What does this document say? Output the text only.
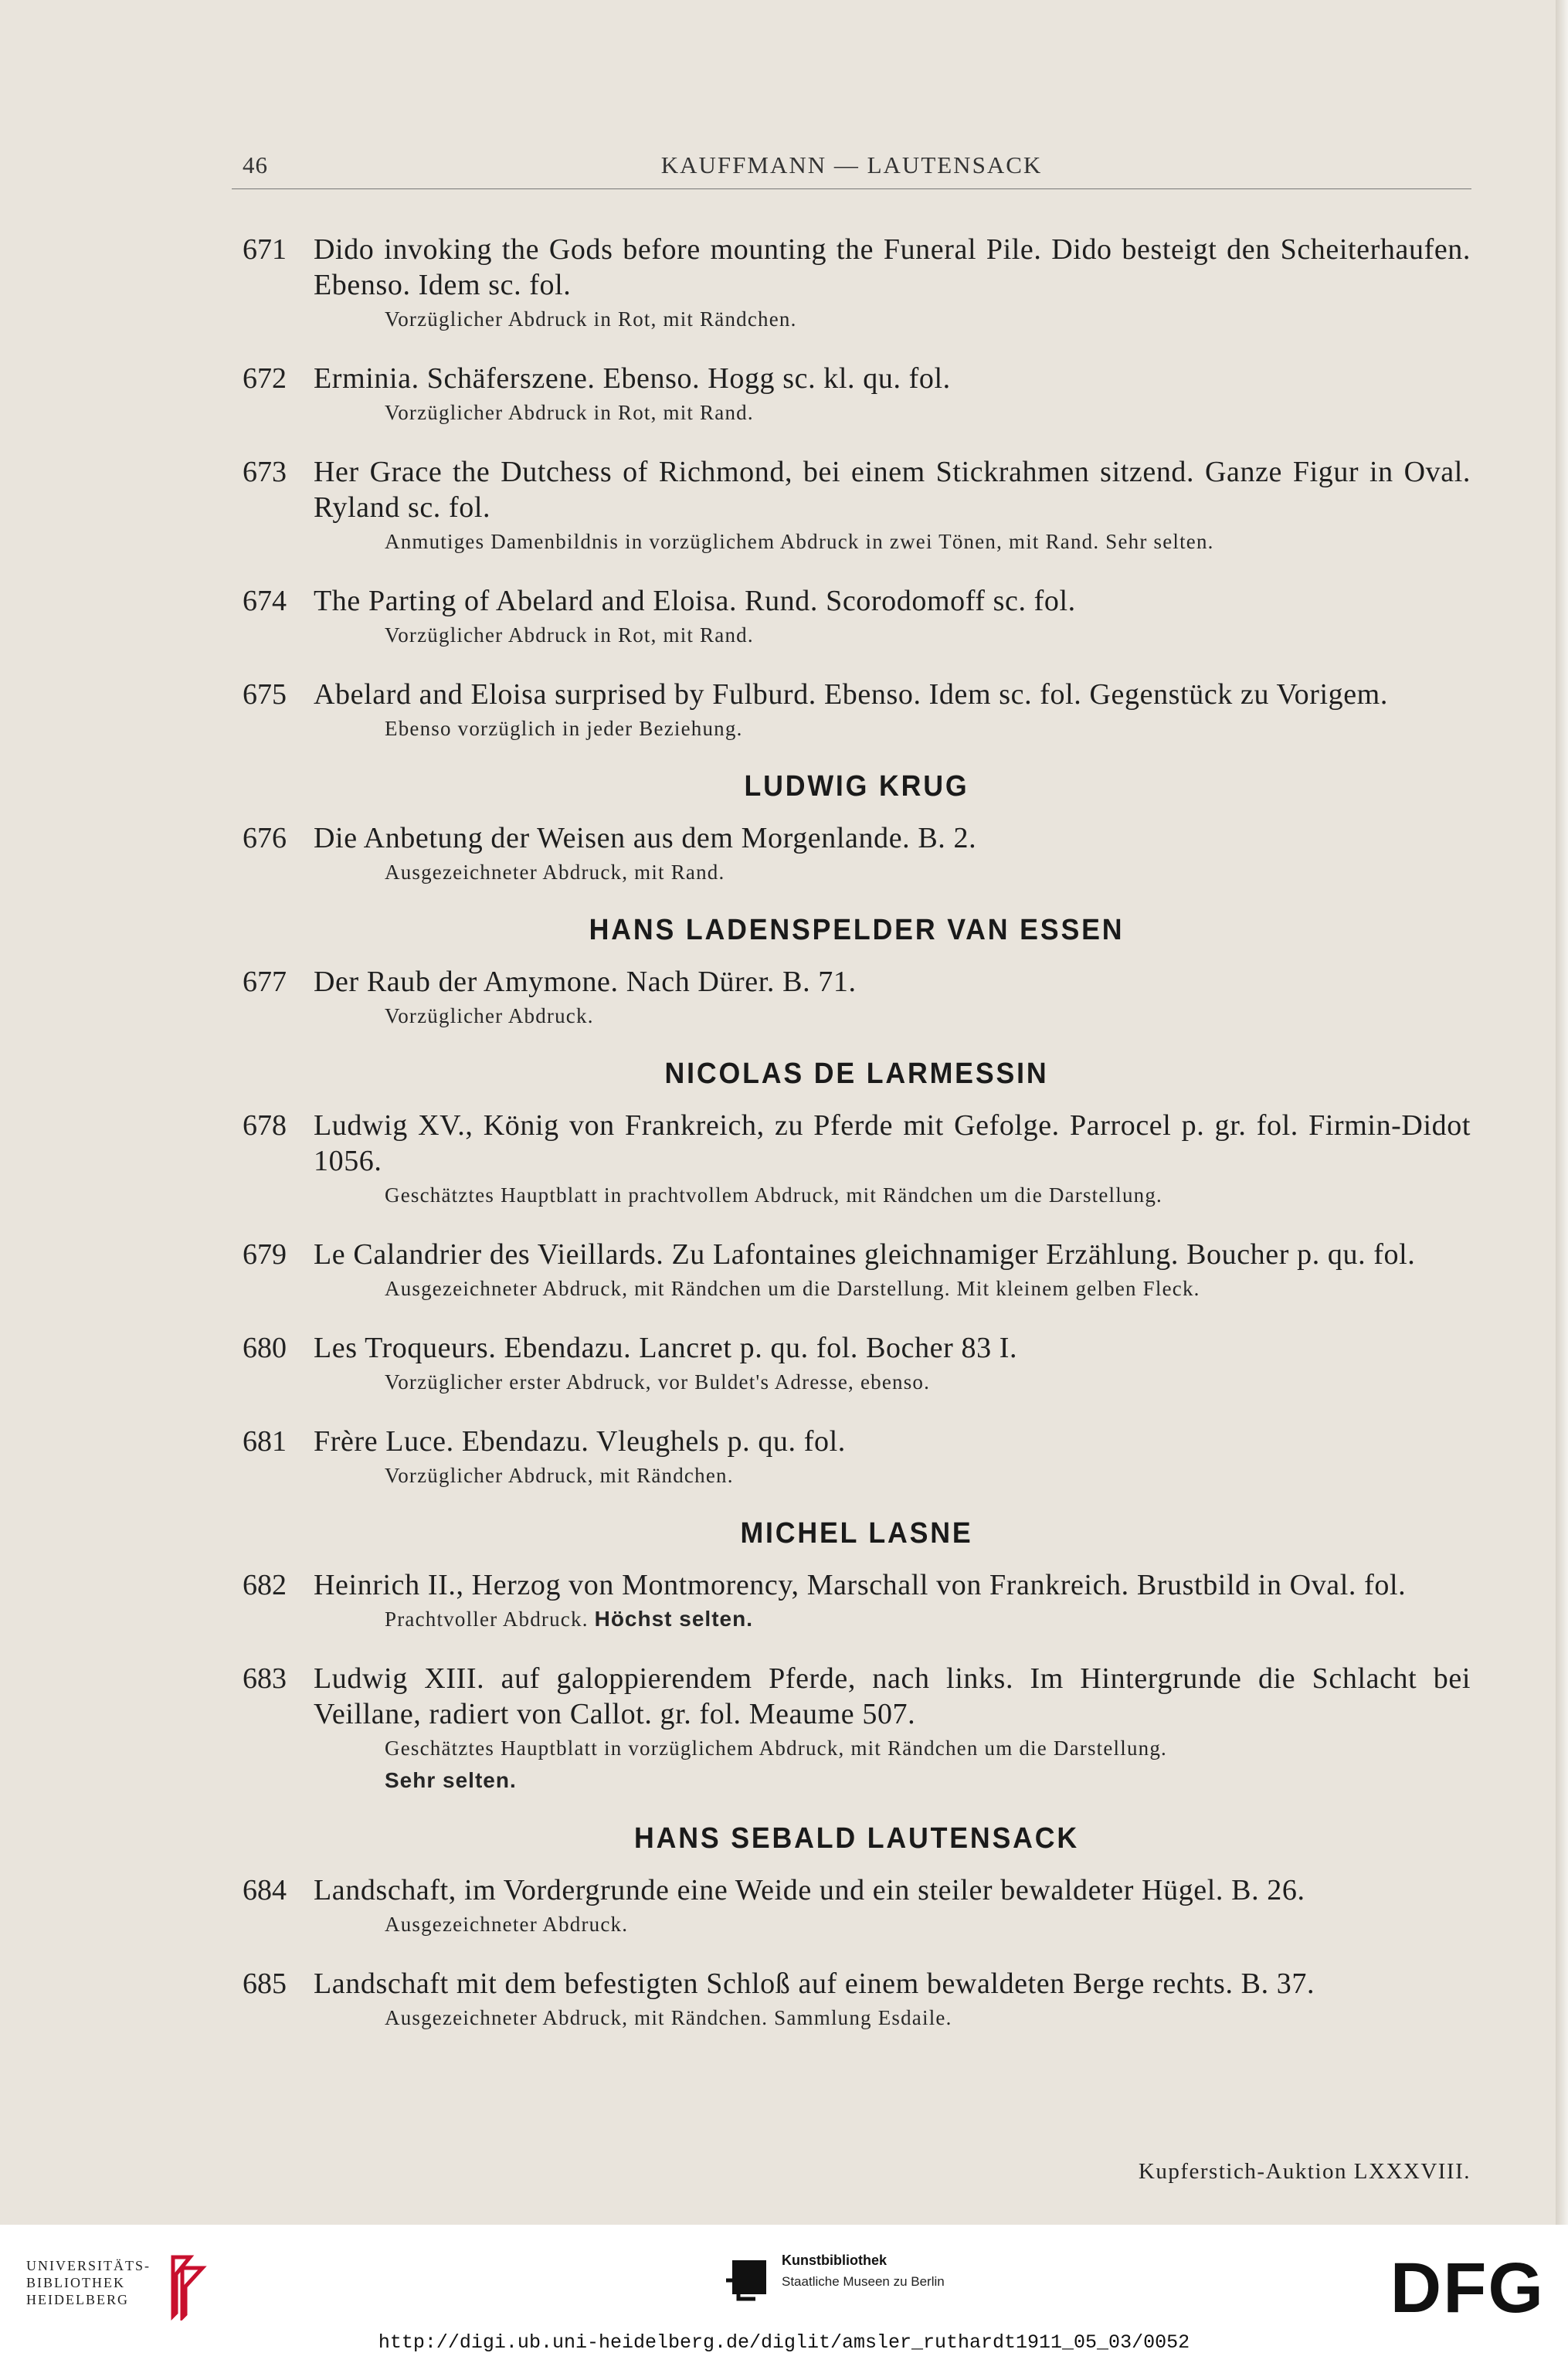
46	KAUFFMANN — LAUTENSACK
671 Dido invoking the Gods before mounting the Funeral Pile. Dido besteigt den Scheiterhaufen. Ebenso. Idem sc. fol.
Vorzüglicher Abdruck in Rot, mit Rändchen.
672 Erminia. Schäferszene. Ebenso. Hogg sc. kl. qu. fol.
Vorzüglicher Abdruck in Rot, mit Rand.
673 Her Grace the Dutchess of Richmond, bei einem Stickrahmen sitzend. Ganze Figur in Oval. Ryland sc. fol.
Anmutiges Damenbildnis in vorzüglichem Abdruck in zwei Tönen, mit Rand. Sehr selten.
674 The Parting of Abelard and Eloisa. Rund. Scorodomoff sc. fol.
Vorzüglicher Abdruck in Rot, mit Rand.
675 Abelard and Eloisa surprised by Fulburd. Ebenso. Idem sc. fol. Gegenstück zu Vorigem.
Ebenso vorzüglich in jeder Beziehung.
LUDWIG KRUG
676 Die Anbetung der Weisen aus dem Morgenlande. B. 2.
Ausgezeichneter Abdruck, mit Rand.
HANS LADENSPELDER VAN ESSEN
677 Der Raub der Amymone. Nach Dürer. B. 71.
Vorzüglicher Abdruck.
NICOLAS DE LARMESSIN
678 Ludwig XV., König von Frankreich, zu Pferde mit Gefolge. Parrocel p. gr. fol. Firmin-Didot 1056.
Geschätztes Hauptblatt in prachtvollem Abdruck, mit Rändchen um die Darstellung.
679 Le Calandrier des Vieillards. Zu Lafontaines gleichnamiger Erzählung. Boucher p. qu. fol.
Ausgezeichneter Abdruck, mit Rändchen um die Darstellung. Mit kleinem gelben Fleck.
680 Les Troqueurs. Ebendazu. Lancret p. qu. fol. Bocher 83 I.
Vorzüglicher erster Abdruck, vor Buldet's Adresse, ebenso.
681 Frère Luce. Ebendazu. Vleughels p. qu. fol.
Vorzüglicher Abdruck, mit Rändchen.
MICHEL LASNE
682 Heinrich II., Herzog von Montmorency, Marschall von Frankreich. Brustbild in Oval. fol.
Prachtvoller Abdruck. Höchst selten.
683 Ludwig XIII. auf galoppierendem Pferde, nach links. Im Hintergrunde die Schlacht bei Veillane, radiert von Callot. gr. fol. Meaume 507.
Geschätztes Hauptblatt in vorzüglichem Abdruck, mit Rändchen um die Darstellung.
Sehr selten.
HANS SEBALD LAUTENSACK
684 Landschaft, im Vordergrunde eine Weide und ein steiler bewaldeter Hügel. B. 26.
Ausgezeichneter Abdruck.
685 Landschaft mit dem befestigten Schloß auf einem bewaldeten Berge rechts. B. 37.
Ausgezeichneter Abdruck, mit Rändchen. Sammlung Esdaile.
Kupferstich-Auktion LXXXVIII.
UNIVERSITÄTS-
BIBLIOTHEK
HEIDELBERG
Kunstbibliothek
Staatliche Museen zu Berlin	DFG
http://digi.ub.uni-heidelberg.de/diglit/amsler_ruthardt1911_05_03/0052
